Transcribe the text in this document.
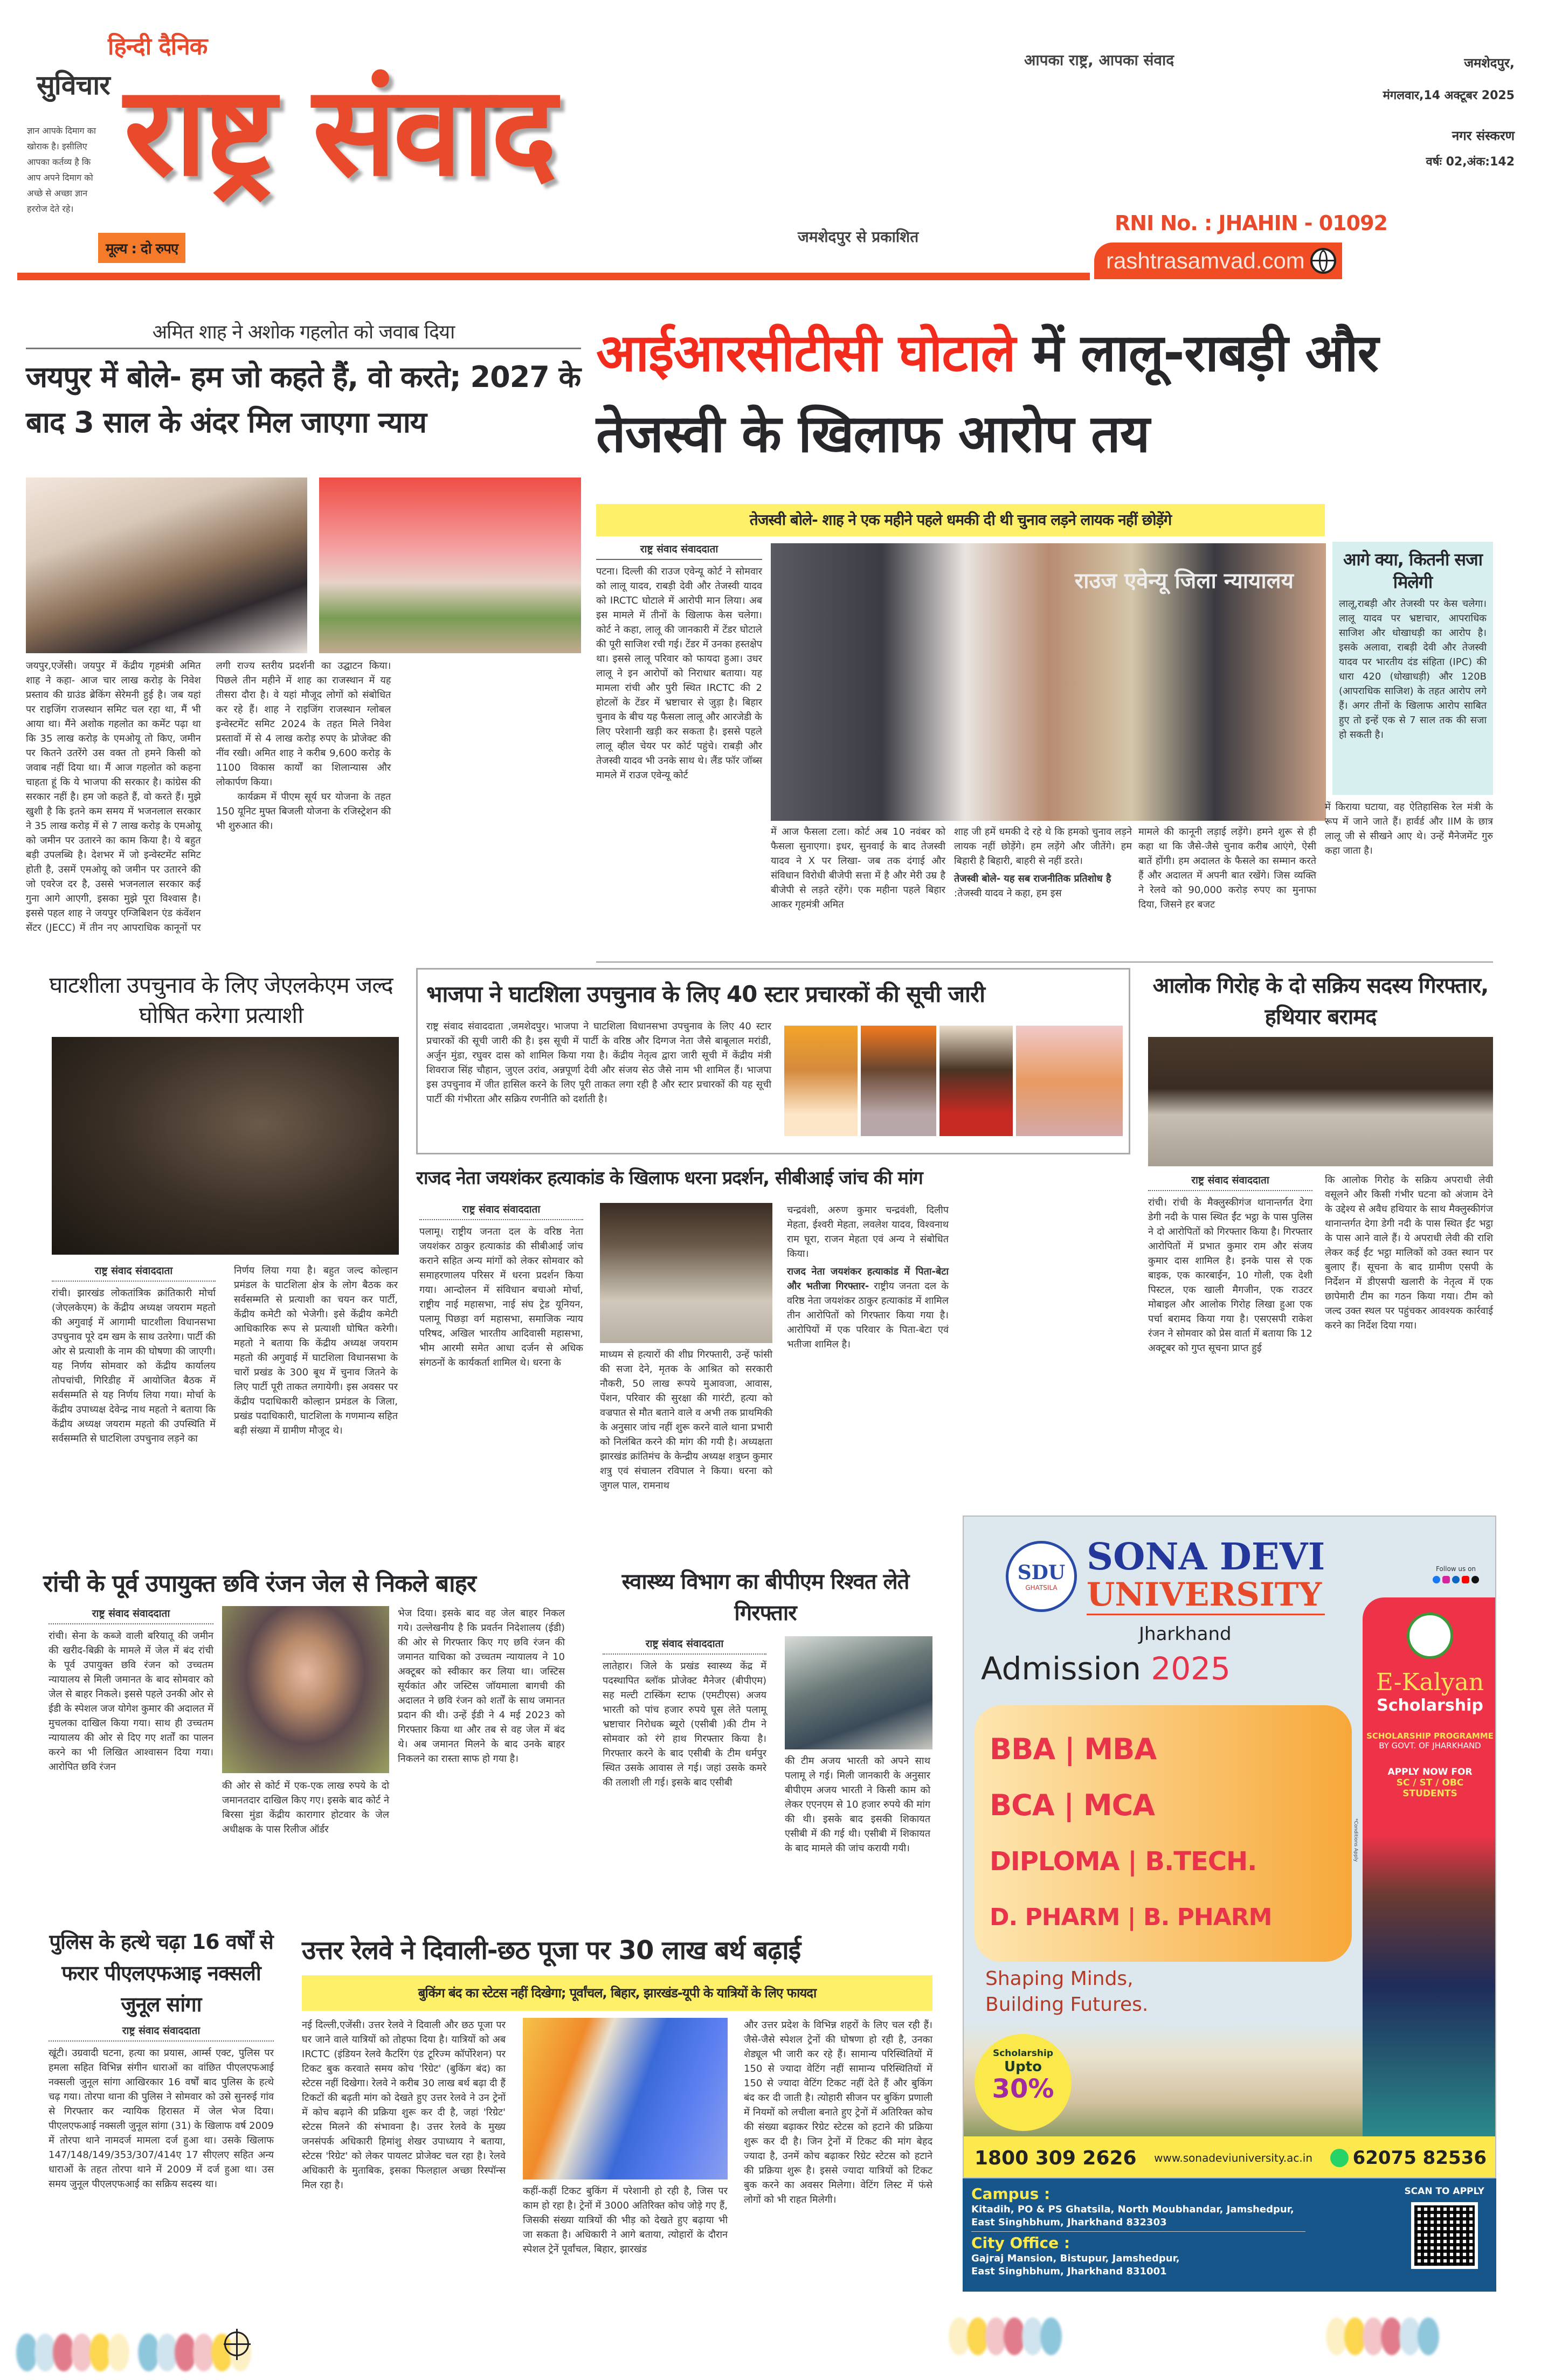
सुविचार
ज्ञान आपके दिमाग का खोराक है। इसीलिए आपका कर्तव्य है कि आप अपने दिमाग को अच्छे से अच्छा ज्ञान हररोज देते रहे।
हिन्दी दैनिक
राष्ट्र संवाद	आपका राष्ट्र, आपका संवाद
मूल्य : दो रुपए
जमशेदपुर से प्रकाशित
RNI No. : JHAHIN - 01092
rashtrasamvad.com
जमशेदपुर,
मंगलवार,14 अक्टूबर 2025
नगर संस्करण
वर्षः 02,अंक:142
अमित शाह ने अशोक गहलोत को जवाब दिया
जयपुर में बोले- हम जो कहते हैं, वो करते; 2027 के बाद 3 साल के अंदर मिल जाएगा न्याय
जयपुर,एजेंसी। जयपुर में केंद्रीय गृहमंत्री अमित शाह ने कहा- आज चार लाख करोड़ के निवेश प्रस्ताव की ग्राउंड ब्रेकिंग सेरेमनी हुई है। जब यहां पर राइजिंग राजस्थान समिट चल रहा था, मैं भी आया था। मैंने अशोक गहलोत का कमेंट पढ़ा था कि 35 लाख करोड़ के एमओयू तो किए, जमीन पर कितने उतरेंगे उस वक्त तो हमने किसी को जवाब नहीं दिया था। मैं आज गहलोत को कहना चाहता हूं कि ये भाजपा की सरकार है। कांग्रेस की सरकार नहीं है। हम जो कहते हैं, वो करते हैं। मुझे खुशी है कि इतने कम समय में भजनलाल सरकार ने 35 लाख करोड़ में से 7 लाख करोड़ के एमओयू को जमीन पर उतारने का काम किया है। ये बहुत बड़ी उपलब्धि है। देशभर में जो इन्वेस्टमेंट समिट होती है, उसमें एमओयू को जमीन पर उतारने की जो एवरेज दर है, उससे भजनलाल सरकार कई गुना आगे आएगी, इसका मुझे पूरा विश्वास है।इससे पहल शाह ने जयपुर एग्जिबिशन एंड कंवेंशन सेंटर (JECC) में तीन नए आपराधिक कानूनों पर लगी राज्य स्तरीय प्रदर्शनी का उद्घाटन किया। पिछले तीन महीने में शाह का राजस्थान में यह तीसरा दौरा है। वे यहां मौजूद लोगों को संबोधित कर रहे हैं। शाह ने राइजिंग राजस्थान ग्लोबल इन्वेस्टमेंट समिट 2024 के तहत मिले निवेश प्रस्तावों में से 4 लाख करोड़ रुपए के प्रोजेक्ट की नींव रखी। अमित शाह ने करीब 9,600 करोड़ के 1100 विकास कार्यों का शिलान्यास और लोकार्पण किया।
कार्यक्रम में पीएम सूर्य घर योजना के तहत 150 यूनिट मुफ्त बिजली योजना के रजिस्ट्रेशन की भी शुरुआत की।
आईआरसीटीसी घोटाले में लालू-राबड़ी और तेजस्वी के खिलाफ आरोप तय
तेजस्वी बोले- शाह ने एक महीने पहले धमकी दी थी चुनाव लड़ने लायक नहीं छोड़ेंगे
राष्ट्र संवाद संवाददाता
पटना। दिल्ली की राउज एवेन्यू कोर्ट ने सोमवार को लालू यादव, राबड़ी देवी और तेजस्वी यादव को IRCTC घोटाले में आरोपी मान लिया। अब इस मामले में तीनों के खिलाफ केस चलेगा। कोर्ट ने कहा, लालू की जानकारी में टेंडर घोटाले की पूरी साजिश रची गई। टेंडर में उनका हस्तक्षेप था। इससे लालू परिवार को फायदा हुआ। उधर लालू ने इन आरोपों को निराधार बताया। यह मामला रांची और पुरी स्थित IRCTC की 2 होटलों के टेंडर में भ्रष्टाचार से जुड़ा है। बिहार चुनाव के बीच यह फैसला लालू और आरजेडी के लिए परेशानी खड़ी कर सकता है। इससे पहले लालू व्हील चेयर पर कोर्ट पहुंचे। राबड़ी और तेजस्वी यादव भी उनके साथ थे। लैंड फॉर जॉब्स मामले में राउज एवेन्यू कोर्ट
राउज एवेन्यू जिला न्यायालय
में आज फैसला टला। कोर्ट अब 10 नवंबर को फैसला सुनाएगा। इधर, सुनवाई के बाद तेजस्वी यादव ने X पर लिखा- जब तक दंगाई और संविधान विरोधी बीजेपी सत्ता में है और मेरी उम्र है बीजेपी से लड़ते रहेंगे। एक महीना पहले बिहार आकर गृहमंत्री अमित
शाह जी हमें धमकी दे रहे थे कि हमको चुनाव लड़ने लायक नहीं छोड़ेंगे। हम लड़ेंगे और जीतेंगे। हम बिहारी है बिहारी, बाहरी से नहीं डरते।
तेजस्वी बोले- यह सब राजनीतिक प्रतिशोध है
:तेजस्वी यादव ने कहा, हम इस
मामले की कानूनी लड़ाई लड़ेंगे। हमने शुरू से ही कहा था कि जैसे-जैसे चुनाव करीब आएंगे, ऐसी बातें होंगी। हम अदालत के फैसले का सम्मान करते हैं और अदालत में अपनी बात रखेंगे। जिस व्यक्ति ने रेलवे को 90,000 करोड़ रुपए का मुनाफा दिया, जिसने हर बजट
आगे क्या, कितनी सजा मिलेगी
लालू,राबड़ी और तेजस्वी पर केस चलेगा। लालू यादव पर भ्रष्टाचार, आपराधिक साजिश और धोखाधड़ी का आरोप है। इसके अलावा, राबड़ी देवी और तेजस्वी यादव पर भारतीय दंड संहिता (IPC) की धारा 420 (धोखाधड़ी) और 120B (आपराधिक साजिश) के तहत आरोप लगे हैं। अगर तीनों के खिलाफ आरोप साबित हुए तो इन्हें एक से 7 साल तक की सजा हो सकती है।
में किराया घटाया, वह ऐतिहासिक रेल मंत्री के रूप में जाने जाते हैं। हार्वर्ड और IIM के छात्र लालू जी से सीखने आए थे। उन्हें मैनेजमेंट गुरु कहा जाता है।
घाटशीला उपचुनाव के लिए जेएलकेएम जल्द घोषित करेगा प्रत्याशी
राष्ट्र संवाद संवाददाता
रांची। झारखंड लोकतांत्रिक क्रांतिकारी मोर्चा (जेएलकेएम) के केंद्रीय अध्यक्ष जयराम महतो की अगुवाई में आगामी घाटशीला विधानसभा उपचुनाव पूरे दम खम के साथ उतरेगा। पार्टी की ओर से प्रत्याशी के नाम की घोषणा की जाएगी। यह निर्णय सोमवार को केंद्रीय कार्यालय तोपचांची, गिरिडीह में आयोजित बैठक में सर्वसम्मति से यह निर्णय लिया गया। मोर्चा के केंद्रीय उपाध्यक्ष देवेन्द्र नाथ महतो ने बताया कि केंद्रीय अध्यक्ष जयराम महतो की उपस्थिति में सर्वसम्मति से घाटशिला उपचुनाव लड़ने का
निर्णय लिया गया है। बहुत जल्द कोल्हान प्रमंडल के घाटशिला क्षेत्र के लोग बैठक कर सर्वसम्मति से प्रत्याशी का चयन कर पार्टी, केंद्रीय कमेटी को भेजेगी। इसे केंद्रीय कमेटी आधिकारिक रूप से प्रत्याशी घोषित करेगी। महतो ने बताया कि केंद्रीय अध्यक्ष जयराम महतो की अगुवाई में घाटशिला विधानसभा के चारों प्रखंड के 300 बूथ में चुनाव जितने के लिए पार्टी पूरी ताकत लगायेगी। इस अवसर पर केंद्रीय पदाधिकारी कोल्हान प्रमंडल के जिला, प्रखंड पदाधिकारी, घाटशिला के गणमान्य सहित बड़ी संख्या में ग्रामीण मौजूद थे।
भाजपा ने घाटशिला उपचुनाव के लिए 40 स्टार प्रचारकों की सूची जारी
राष्ट्र संवाद संवाददाता ,जमशेदपुर। भाजपा ने घाटशिला विधानसभा उपचुनाव के लिए 40 स्टार प्रचारकों की सूची जारी की है। इस सूची में पार्टी के वरिष्ठ और दिग्गज नेता जैसे बाबूलाल मरांडी, अर्जुन मुंडा, रघुवर दास को शामिल किया गया है। केंद्रीय नेतृत्व द्वारा जारी सूची में केंद्रीय मंत्री शिवराज सिंह चौहान, जुएल उरांव, अन्नपूर्णा देवी और संजय सेठ जैसे नाम भी शामिल हैं। भाजपा इस उपचुनाव में जीत हासिल करने के लिए पूरी ताकत लगा रही है और स्टार प्रचारकों की यह सूची पार्टी की गंभीरता और सक्रिय रणनीति को दर्शाती है।
आलोक गिरोह के दो सक्रिय सदस्य गिरफ्तार, हथियार बरामद
राष्ट्र संवाद संवाददाता
रांची। रांची के मैक्लुस्कीगंज थानान्तर्गत देगा डेगी नदी के पास स्थित ईंट भट्ठा के पास पुलिस ने दो आरोपितों को गिरफ्तार किया है। गिरफ्तार आरोपितों में प्रभात कुमार राम और संजय कुमार दास शामिल है। इनके पास से एक बाइक, एक कारबाईन, 10 गोली, एक देशी पिस्टल, एक खाली मैगजीन, एक राउटर मोबाइल और आलोक गिरोह लिखा हुआ एक पर्चा बरामद किया गया है। एसएसपी राकेश रंजन ने सोमवार को प्रेस वार्ता में बताया कि 12 अक्टूबर को गुप्त सूचना प्राप्त हुई
कि आलोक गिरोह के सक्रिय अपराधी लेवी वसूलने और किसी गंभीर घटना को अंजाम देने के उद्देश्य से अवैध हथियार के साथ मैक्लुस्कीगंज थानान्तर्गत देगा डेगी नदी के पास स्थित ईंट भट्ठा के पास आने वाले हैं। ये अपराधी लेवी की राशि लेकर कई ईंट भट्ठा मालिकों को उक्त स्थान पर बुलाए हैं। सूचना के बाद ग्रामीण एसपी के निर्देशन में डीएसपी खलारी के नेतृत्व में एक छापेमारी टीम का गठन किया गया। टीम को जल्द उक्त स्थल पर पहुंचकर आवश्यक कार्रवाई करने का निर्देश दिया गया।
राजद नेता जयशंकर हत्याकांड के खिलाफ धरना प्रदर्शन, सीबीआई जांच की मांग
राष्ट्र संवाद संवाददाता
पलामू। राष्ट्रीय जनता दल के वरिष्ठ नेता जयशंकर ठाकुर हत्याकांड की सीबीआई जांच कराने सहित अन्य मांगों को लेकर सोमवार को समाहरणालय परिसर में धरना प्रदर्शन किया गया। आन्दोलन में संविधान बचाओ मोर्चा, राष्ट्रीय नाई महासभा, नाई संघ ट्रेड यूनियन, पलामू पिछड़ा वर्ग महासभा, समाजिक न्याय परिषद, अखिल भारतीय आदिवासी महासभा, भीम आरमी समेत आधा दर्जन से अधिक संगठनों के कार्यकर्ता शामिल थे। धरना के
माध्यम से हत्यारों की शीघ्र गिरफ्तारी, उन्हें फांसी की सजा देने, मृतक के आश्रित को सरकारी नौकरी, 50 लाख रूपये मुआवजा, आवास, पेंशन, परिवार की सुरक्षा की गारंटी, हत्या को वज्रपात से मौत बताने वाले व अभी तक प्राथमिकी के अनुसार जांच नहीं शुरू करने वाले थाना प्रभारी को निलंबित करने की मांग की गयी है। अध्यक्षता झारखंड क्रांतिमंच के केन्द्रीय अध्यक्ष शत्रुघ्न कुमार शत्रु एवं संचालन रविपाल ने किया। धरना को जुगल पाल, रामनाथ
चन्द्रवंशी, अरुण कुमार चन्द्रवंशी, दिलीप मेहता, ईश्वरी मेहता, लवलेश यादव, विश्वनाथ राम घूरा, राजन मेहता एवं अन्य ने संबोधित किया।
राजद नेता जयशंकर हत्याकांड में पिता-बेटा और भतीजा गिरफ्तार- राष्ट्रीय जनता दल के वरिष्ठ नेता जयशंकर ठाकुर हत्याकांड में शामिल तीन आरोपितों को गिरफ्तार किया गया है। आरोपियों में एक परिवार के पिता-बेटा एवं भतीजा शामिल है।
रांची के पूर्व उपायुक्त छवि रंजन जेल से निकले बाहर
राष्ट्र संवाद संवाददाता
रांची। सेना के कब्जे वाली बरियातू की जमीन की खरीद-बिक्री के मामले में जेल में बंद रांची के पूर्व उपायुक्त छवि रंजन को उच्चतम न्यायालय से मिली जमानत के बाद सोमवार को जेल से बाहर निकले। इससे पहले उनकी ओर से ईडी के स्पेशल जज योगेश कुमार की अदालत में मुचलका दाखिल किया गया। साथ ही उच्चतम न्यायालय की ओर से दिए गए शर्तों का पालन करने का भी लिखित आश्वासन दिया गया। आरोपित छवि रंजन
की ओर से कोर्ट में एक-एक लाख रुपये के दो जमानतदार दाखिल किए गए। इसके बाद कोर्ट ने बिरसा मुंडा केंद्रीय कारागार होटवार के जेल अधीक्षक के पास रिलीज ऑर्डर
भेज दिया। इसके बाद वह जेल बाहर निकल गये। उल्लेखनीय है कि प्रवर्तन निदेशालय (ईडी) की ओर से गिरफ्तार किए गए छवि रंजन की जमानत याचिका को उच्चतम न्यायालय ने 10 अक्टूबर को स्वीकार कर लिया था। जस्टिस सूर्यकांत और जस्टिस जॉयमाला बागची की अदालत ने छवि रंजन को शर्तों के साथ जमानत प्रदान की थी। उन्हें ईडी ने 4 मई 2023 को गिरफ्तार किया था और तब से वह जेल में बंद थे। अब जमानत मिलने के बाद उनके बाहर निकलने का रास्ता साफ हो गया है।
स्वास्थ्य विभाग का बीपीएम रिश्वत लेते गिरफ्तार
राष्ट्र संवाद संवाददाता
लातेहार। जिले के प्रखंड स्वास्थ्य केंद्र में पदस्थापित ब्लॉक प्रोजेक्ट मैनेजर (बीपीएम) सह मल्टी टास्किंग स्टाफ (एमटीएस) अजय भारती को पांच हजार रुपये घूस लेते पलामू भ्रष्टाचार निरोधक ब्यूरो (एसीबी )की टीम ने सोमवार को रंगे हाथ गिरफ्तार किया है। गिरफ्तार करने के बाद एसीबी के टीम धर्मपुर स्थित उसके आवास ले गई। जहां उसके कमरे की तलाशी ली गई। इसके बाद एसीबी
की टीम अजय भारती को अपने साथ पलामू ले गई। मिली जानकारी के अनुसार बीपीएम अजय भारती ने किसी काम को लेकर एएनएम से 10 हजार रुपये की मांग की थी। इसके बाद इसकी शिकायत एसीबी में की गई थी। एसीबी में शिकायत के बाद मामले की जांच करायी गयी।
पुलिस के हत्थे चढ़ा 16 वर्षों से फरार पीएलएफआइ नक्सली जुनूल सांगा
राष्ट्र संवाद संवाददाता
खूंटी। उग्रवादी घटना, हत्या का प्रयास, आर्म्स एक्ट, पुलिस पर हमला सहित विभिन्न संगीन धाराओं का वांछित पीएलएफआई नक्सली जुनूल सांगा आखिरकार 16 वर्षों बाद पुलिस के हत्थे चढ़ गया। तोरपा थाना की पुलिस ने सोमवार को उसे सुनरुई गांव से गिरफ्तार कर न्यायिक हिरासत में जेल भेज दिया। पीएलएफआई नक्सली जुनूल सांगा (31) के खिलाफ वर्ष 2009 में तोरपा थाने नामदर्ज मामला दर्ज हुआ था। उसके खिलाफ 147/148/149/353/307/414ए 17 सीएलए सहित अन्य धाराओं के तहत तोरपा थाने में 2009 में दर्ज हुआ था। उस समय जुनूल पीएलएफआई का सक्रिय सदस्य था।
उत्तर रेलवे ने दिवाली-छठ पूजा पर 30 लाख बर्थ बढ़ाई
बुकिंग बंद का स्टेटस नहीं दिखेगा; पूर्वांचल, बिहार, झारखंड-यूपी के यात्रियों के लिए फायदा
नई दिल्ली,एजेंसी। उत्तर रेलवे ने दिवाली और छठ पूजा पर घर जाने वाले यात्रियों को तोहफा दिया है। यात्रियों को अब IRCTC (इंडियन रेलवे कैटरिंग एंड टूरिज्म कॉर्पोरेशन) पर टिकट बुक करवाते समय कोच 'रिग्रेट' (बुकिंग बंद) का स्टेटस नहीं दिखेगा। रेलवे ने करीब 30 लाख बर्थ बढ़ा दी हैं टिकटों की बढ़ती मांग को देखते हुए उत्तर रेलवे ने उन ट्रेनों में कोच बढ़ाने की प्रक्रिया शुरू कर दी है, जहां 'रिग्रेट' स्टेटस मिलने की संभावना है। उत्तर रेलवे के मुख्य जनसंपर्क अधिकारी हिमांशु शेखर उपाध्याय ने बताया, स्टेटस 'रिग्रेट' को लेकर पायलट प्रोजेक्ट चल रहा है। रेलवे अधिकारी के मुताबिक, इसका फिलहाल अच्छा रिस्पॉन्स मिल रहा है।
कहीं-कहीं टिकट बुकिंग में परेशानी हो रही है, जिस पर काम हो रहा है। ट्रेनों में 3000 अतिरिक्त कोच जोड़े गए हैं, जिसकी संख्या यात्रियों की भीड़ को देखते हुए बढ़ाया भी जा सकता है। अधिकारी ने आगे बताया, त्योहारों के दौरान स्पेशल ट्रेनें पूर्वांचल, बिहार, झारखंड
और उत्तर प्रदेश के विभिन्न शहरों के लिए चल रही हैं। जैसे-जैसे स्पेशल ट्रेनों की घोषणा हो रही है, उनका शेड्यूल भी जारी कर रहे हैं। सामान्य परिस्थितियों में 150 से ज्यादा वेटिंग नहीं सामान्य परिस्थितियों में 150 से ज्यादा वेटिंग टिकट नहीं देते हैं और बुकिंग बंद कर दी जाती है। त्योहारी सीजन पर बुकिंग प्रणाली में नियमों को लचीला बनाते हुए ट्रेनों में अतिरिक्त कोच की संख्या बढ़ाकर रिग्रेट स्टेटस को हटाने की प्रक्रिया शुरू कर दी है। जिन ट्रेनों में टिकट की मांग बेहद ज्यादा है, उनमें कोच बढ़ाकर रिग्रेट स्टेटस को हटाने की प्रक्रिया शुरू है। इससे ज्यादा यात्रियों को टिकट बुक करने का अवसर मिलेगा। वेटिंग लिस्ट में फंसे लोगों को भी राहत मिलेगी।
SDU
GHATSILA
SONA DEVI
UNIVERSITY
Jharkhand
Follow us on
Admission 2025
BBA | MBA
BCA | MCA
DIPLOMA | B.TECH.
D. PHARM | B. PHARM
Shaping Minds,
Building Futures.
E-Kalyan
Scholarship
SCHOLARSHIP PROGRAMME
BY GOVT. OF JHARKHAND
APPLY NOW FOR
SC / ST / OBC
STUDENTS
*Conditions Apply
Scholarship
Upto
30%
1800 309 2626 www.sonadeviuniversity.ac.in 62075 82536
Campus :
Kitadih, PO & PS Ghatsila, North Moubhandar, Jamshedpur,
East Singhbhum, Jharkhand 832303
City Office :
Gajraj Mansion, Bistupur, Jamshedpur,
East Singhbhum, Jharkhand 831001
SCAN TO APPLY
